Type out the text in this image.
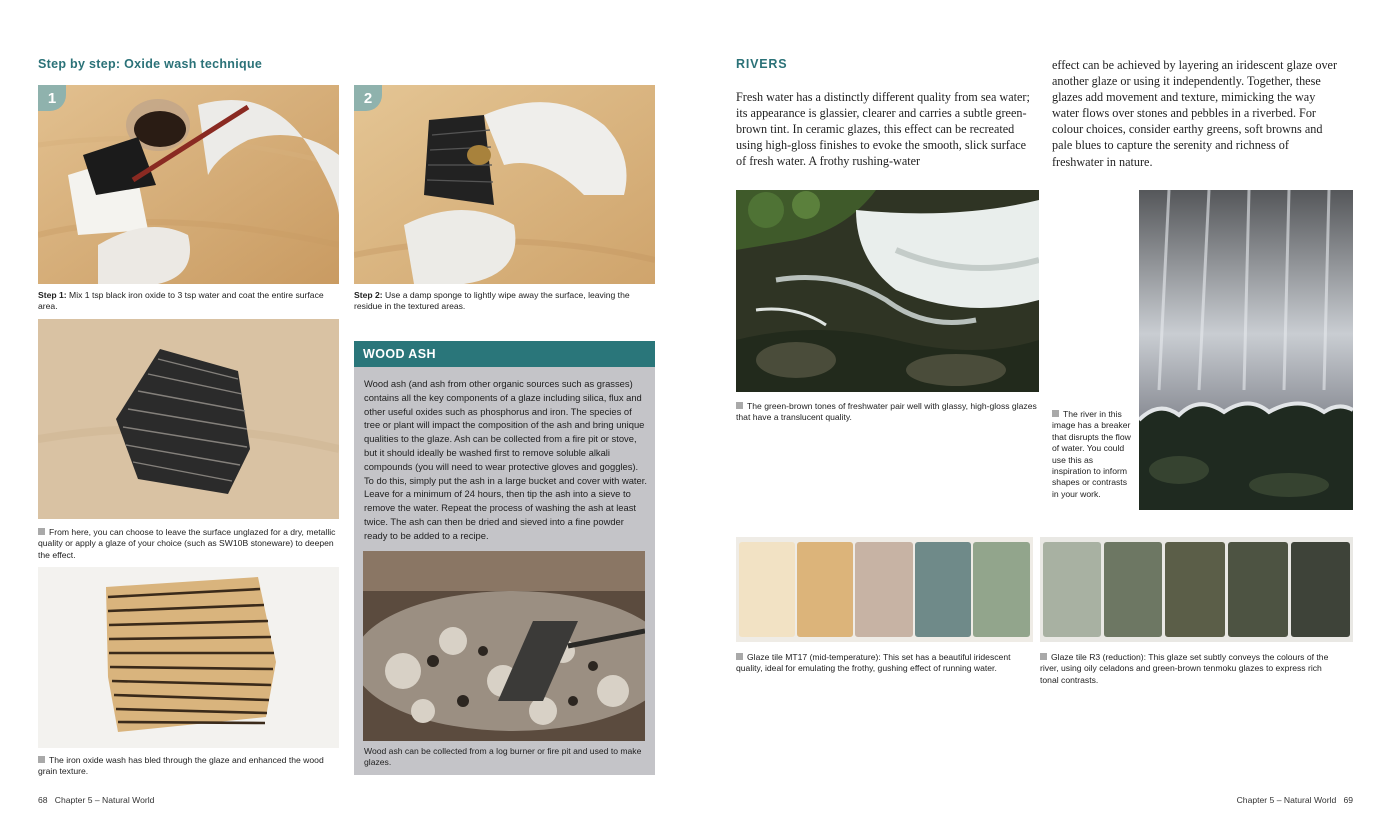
Step by step: Oxide wash technique
1	2
Step 1: Mix 1 tsp black iron oxide to 3 tsp water and coat the entire surface area.
Step 2: Use a damp sponge to lightly wipe away the surface, leaving the residue in the textured areas.
From here, you can choose to leave the surface unglazed for a dry, metallic quality or apply a glaze of your choice (such as SW10B stoneware) to deepen the effect.
The iron oxide wash has bled through the glaze and enhanced the wood grain texture.
WOOD ASH
Wood ash (and ash from other organic sources such as grasses) contains all the key components of a glaze including silica, flux and other useful oxides such as phosphorus and iron. The species of tree or plant will impact the composition of the ash and bring unique qualities to the glaze. Ash can be collected from a fire pit or stove, but it should ideally be washed first to remove soluble alkali compounds (you will need to wear protective gloves and goggles). To do this, simply put the ash in a large bucket and cover with water. Leave for a minimum of 24 hours, then tip the ash into a sieve to remove the water. Repeat the process of washing the ash at least twice. The ash can then be dried and sieved into a fine powder ready to be added to a recipe.
Wood ash can be collected from a log burner or fire pit and used to make glazes.
68 Chapter 5 – Natural World
RIVERS
Fresh water has a distinctly different quality from sea water; its appearance is glassier, clearer and carries a subtle green-brown tint. In ceramic glazes, this effect can be recreated using high-gloss finishes to evoke the smooth, slick surface of fresh water. A frothy rushing-water
effect can be achieved by layering an iridescent glaze over another glaze or using it independently. Together, these glazes add movement and texture, mimicking the way water flows over stones and pebbles in a riverbed. For colour choices, consider earthy greens, soft browns and pale blues to capture the serenity and richness of freshwater in nature.
The green-brown tones of freshwater pair well with glassy, high-gloss glazes that have a translucent quality.	The river in this image has a breaker that disrupts the flow of water. You could use this as inspiration to inform shapes or contrasts in your work.
Glaze tile MT17 (mid-temperature): This set has a beautiful iridescent quality, ideal for emulating the frothy, gushing effect of running water.
Glaze tile R3 (reduction): This glaze set subtly conveys the colours of the river, using oily celadons and green-brown tenmoku glazes to express rich tonal contrasts.
Chapter 5 – Natural World 69
